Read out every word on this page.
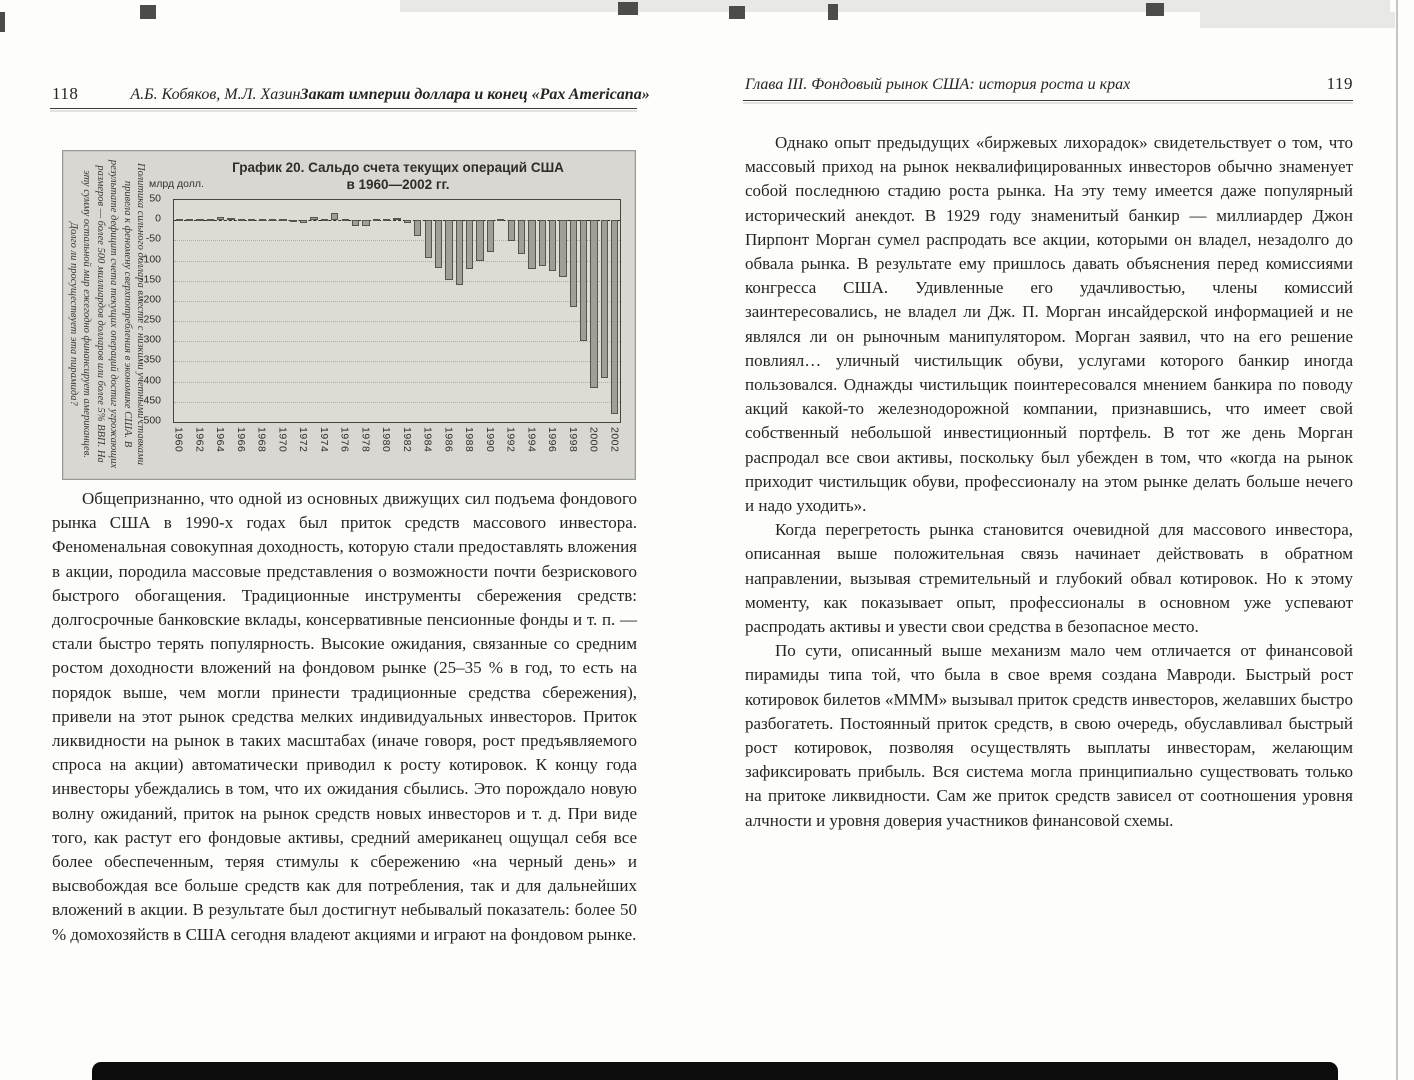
118	А.Б. Кобяков, М.Л. Хазин Закат империи доллара и конец «Pax Americana»
Политика сильного доллара вместе с низкими учетными ставками привела к феномену сверхпотребления в экономике США. В результате дефицит счета текущих операций достиг угрожающих размеров — более 500 миллиардов долларов или более 5% ВВП. На эту сумму остальной мир ежегодно финансирует американцев. Долго ли просуществует эта пирамида?
График 20. Сальдо счета текущих операций США
в 1960—2002 гг.
млрд долл.
50
0
-50
-100
-150
-200
-250
-300
-350
-400
-450
-500
1960 1962 1964 1966 1968 1970 1972 1974 1976 1978 1980 1982 1984 1986 1988 1990 1992 1994 1996 1998 2000 2002

Общепризнанно, что одной из основных движущих сил подъема фондового рынка США в 1990-х годах был приток средств массового инвестора. Феноменальная совокупная доходность, которую стали предоставлять вложения в акции, породила массовые представления о возможности почти безрискового быстрого обогащения. Традиционные инструменты сбережения средств: долгосрочные банковские вклады, консервативные пенсионные фонды и т. п. — стали быстро терять популярность. Высокие ожидания, связанные со средним ростом доходности вложений на фондовом рынке (25–35 % в год, то есть на порядок выше, чем могли принести традиционные средства сбережения), привели на этот рынок средства мелких индивидуальных инвесторов. Приток ликвидности на рынок в таких масштабах (иначе говоря, рост предъявляемого спроса на акции) автоматически приводил к росту котировок. К концу года инвесторы убеждались в том, что их ожидания сбылись. Это порождало новую волну ожиданий, приток на рынок средств новых инвесторов и т. д. При виде того, как растут его фондовые активы, средний американец ощущал себя все более обеспеченным, теряя стимулы к сбережению «на черный день» и высвобождая все больше средств как для потребления, так и для дальнейших вложений в акции. В результате был достигнут небывалый показатель: более 50 % домохозяйств в США сегодня владеют акциями и играют на фондовом рынке.

Глава III. Фондовый рынок США: история роста и крах	119

Однако опыт предыдущих «биржевых лихорадок» свидетельствует о том, что массовый приход на рынок неквалифицированных инвесторов обычно знаменует собой последнюю стадию роста рынка. На эту тему имеется даже популярный исторический анекдот. В 1929 году знаменитый банкир — миллиардер Джон Пирпонт Морган сумел распродать все акции, которыми он владел, незадолго до обвала рынка. В результате ему пришлось давать объяснения перед комиссиями конгресса США. Удивленные его удачливостью, члены комиссий заинтересовались, не владел ли Дж. П. Морган инсайдерской информацией и не являлся ли он рыночным манипулятором. Морган заявил, что на его решение повлиял… уличный чистильщик обуви, услугами которого банкир иногда пользовался. Однажды чистильщик поинтересовался мнением банкира по поводу акций какой-то железнодорожной компании, признавшись, что имеет свой собственный небольшой инвестиционный портфель. В тот же день Морган распродал все свои активы, поскольку был убежден в том, что «когда на рынок приходит чистильщик обуви, профессионалу на этом рынке делать больше нечего и надо уходить».

Когда перегретость рынка становится очевидной для массового инвестора, описанная выше положительная связь начинает действовать в обратном направлении, вызывая стремительный и глубокий обвал котировок. Но к этому моменту, как показывает опыт, профессионалы в основном уже успевают распродать активы и увести свои средства в безопасное место.

По сути, описанный выше механизм мало чем отличается от финансовой пирамиды типа той, что была в свое время создана Мавроди. Быстрый рост котировок билетов «МММ» вызывал приток средств инвесторов, желавших быстро разбогатеть. Постоянный приток средств, в свою очередь, обуславливал быстрый рост котировок, позволяя осуществлять выплаты инвесторам, желающим зафиксировать прибыль. Вся система могла принципиально существовать только на притоке ликвидности. Сам же приток средств зависел от соотношения уровня алчности и уровня доверия участников финансовой схемы.
